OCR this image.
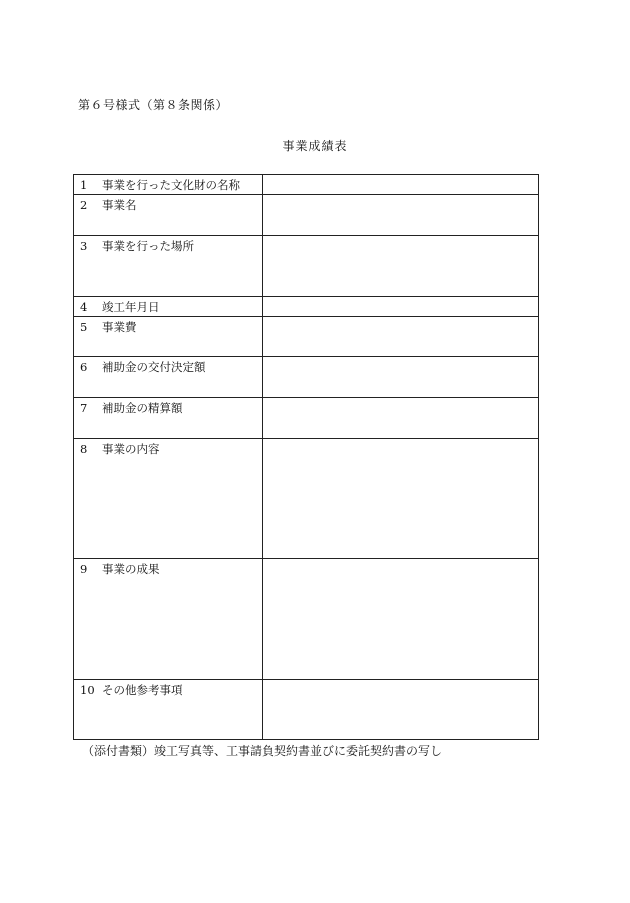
第６号様式（第８条関係）
事業成績表
1 事業を行った文化財の名称	
2 事業名	
3 事業を行った場所	
4 竣工年月日	
5 事業費	
6 補助金の交付決定額	
7 補助金の精算額	
8 事業の内容	
9 事業の成果	
10 その他参考事項	
（添付書類）竣工写真等、工事請負契約書並びに委託契約書の写し
